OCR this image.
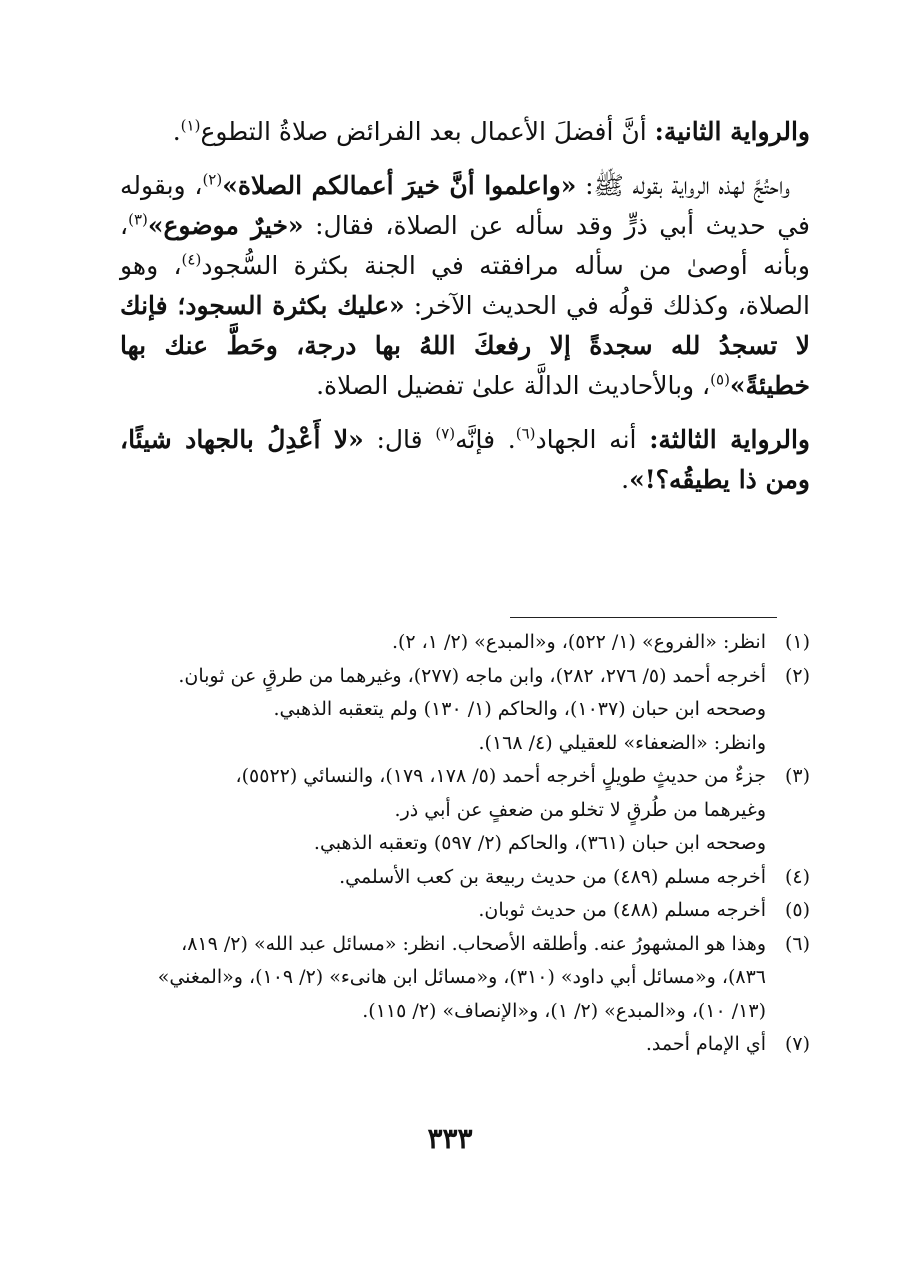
والرواية الثانية: أنَّ أفضلَ الأعمال بعد الفرائض صلاةُ التطوع$^{(١)}$.

واحتُجَّ لهذه الرواية بقوله ﷺ: «واعلموا أنَّ خيرَ أعمالكم الصلاة»$^{(٢)}$، وبقوله في حديث أبي ذرٍّ وقد سأله عن الصلاة، فقال: «خيرٌ موضوع»$^{(٣)}$، وبأنه أوصىٰ من سأله مرافقته في الجنة بكثرة السُّجود$^{(٤)}$، وهو الصلاة، وكذلك قولُه في الحديث الآخر: «عليك بكثرة السجود؛ فإنك لا تسجدُ لله سجدةً إلا رفعكَ اللهُ بها درجة، وحَطَّ عنك بها خطيئةً»$^{(٥)}$، وبالأحاديث الدالَّة علىٰ تفضيل الصلاة.

والرواية الثالثة: أنه الجهاد$^{(٦)}$. فإنَّه$^{(٧)}$ قال: «لا أَعْدِلُ بالجهاد شيئًا، ومن ذا يطيقُه؟!».

(١)
انظر: «الفروع» (١/ ٥٢٢)، و«المبدع» (٢/ ١، ٢).
(٢)
أخرجه أحمد (٥/ ٢٧٦، ٢٨٢)، وابن ماجه (٢٧٧)، وغيرهما من طرقٍ عن ثوبان.
وصححه ابن حبان (١٠٣٧)، والحاكم (١/ ١٣٠) ولم يتعقبه الذهبي.
وانظر: «الضعفاء» للعقيلي (٤/ ١٦٨).
(٣)
جزءٌ من حديثٍ طويلٍ أخرجه أحمد (٥/ ١٧٨، ١٧٩)، والنسائي (٥٥٢٢)،
وغيرهما من طُرقٍ لا تخلو من ضعفٍ عن أبي ذر.
وصححه ابن حبان (٣٦١)، والحاكم (٢/ ٥٩٧) وتعقبه الذهبي.
(٤)
أخرجه مسلم (٤٨٩) من حديث ربيعة بن كعب الأسلمي.
(٥)
أخرجه مسلم (٤٨٨) من حديث ثوبان.
(٦)
وهذا هو المشهورُ عنه. وأطلقه الأصحاب. انظر: «مسائل عبد الله» (٢/ ٨١٩،
٨٣٦)، و«مسائل أبي داود» (٣١٠)، و«مسائل ابن هانىء» (٢/ ١٠٩)، و«المغني»
(١٣/ ١٠)، و«المبدع» (٢/ ١)، و«الإنصاف» (٢/ ١١٥).
(٧)
أي الإمام أحمد.
٣٣٣
